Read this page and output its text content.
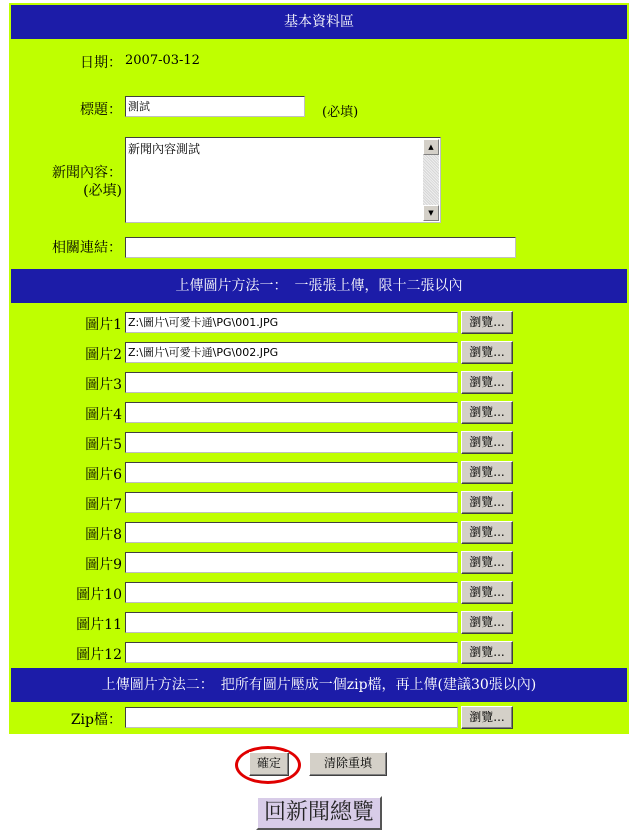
基本資料區
日期： 2007-03-12
標題： 測試	(必填)
新聞內容：
(必填)
新聞內容測試	▲
▼
相關連結：
上傳圖片方法一：　一張張上傳，限十二張以內
圖片1 Z:\圖片\可愛卡通\PG\001.JPG	瀏覽...
圖片2 Z:\圖片\可愛卡通\PG\002.JPG	瀏覽...
圖片3	瀏覽...
圖片4	瀏覽...
圖片5	瀏覽...
圖片6	瀏覽...
圖片7	瀏覽...
圖片8	瀏覽...
圖片9	瀏覽...
圖片10	瀏覽...
圖片11	瀏覽...
圖片12	瀏覽...
上傳圖片方法二：　把所有圖片壓成一個zip檔，再上傳(建議30張以內)
Zip檔：	瀏覽...
確定	清除重填
回新聞總覽
